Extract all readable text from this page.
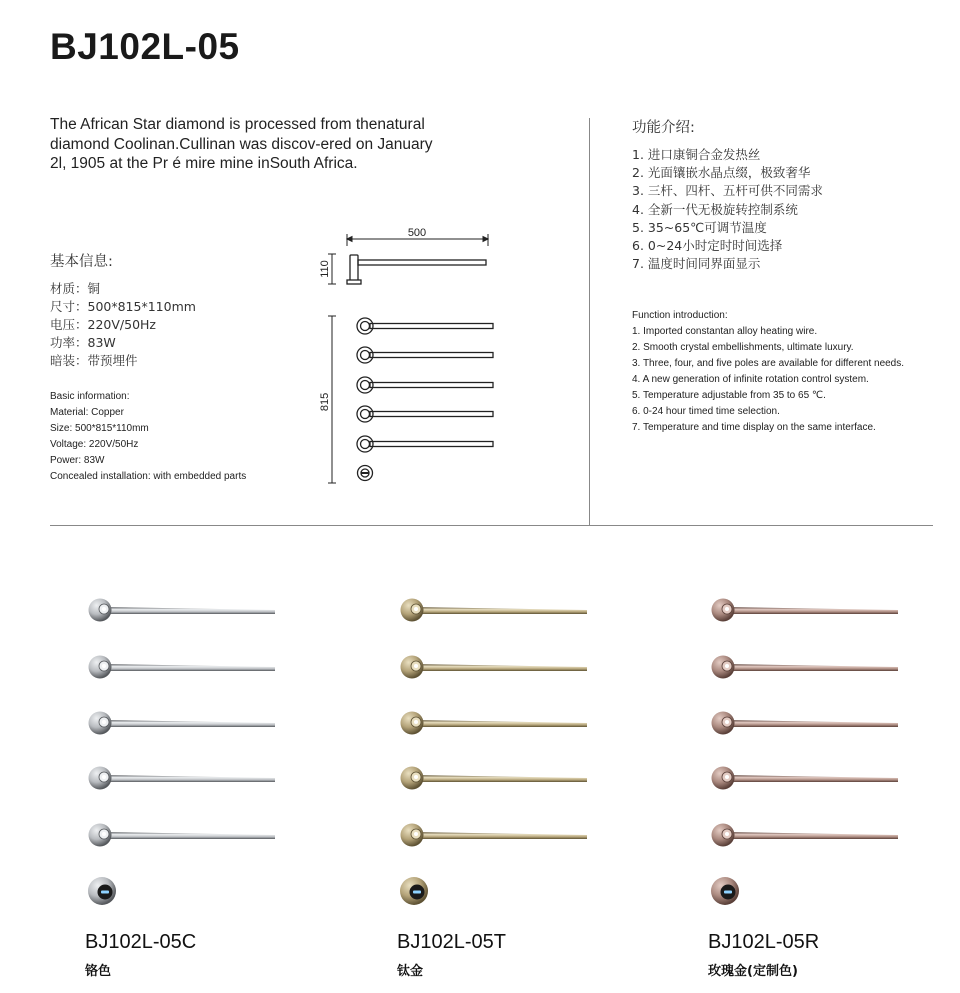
BJ102L-05

The African Star diamond is processed from thenatural diamond Coolinan.Cullinan was discov-ered on January 2l, 1905 at the Pr é mire mine inSouth Africa.

基本信息:

材质：铜

尺寸：500*815*110mm

电压：220V/50Hz

功率：83W

暗装：带预埋件

Basic information:

Material: Copper

Size: 500*815*110mm

Voltage: 220V/50Hz

Power: 83W

Concealed installation: with embedded parts

500
110
815
功能介绍:

1. 进口康铜合金发热丝

2. 光面镶嵌水晶点缀，极致奢华

3. 三杆、四杆、五杆可供不同需求

4. 全新一代无极旋转控制系统

5. 35~65℃可调节温度

6. 0~24小时定时时间选择

7. 温度时间同界面显示

Function introduction:

1. Imported constantan alloy heating wire.

2. Smooth crystal embellishments, ultimate luxury.

3. Three, four, and five poles are available for different needs.

4. A new generation of infinite rotation control system.

5. Temperature adjustable from 35 to 65 ℃.

6. 0-24 hour timed time selection.

7. Temperature and time display on the same interface.

BJ102L-05C
铬色
BJ102L-05T
钛金
BJ102L-05R
玫瑰金(定制色)
